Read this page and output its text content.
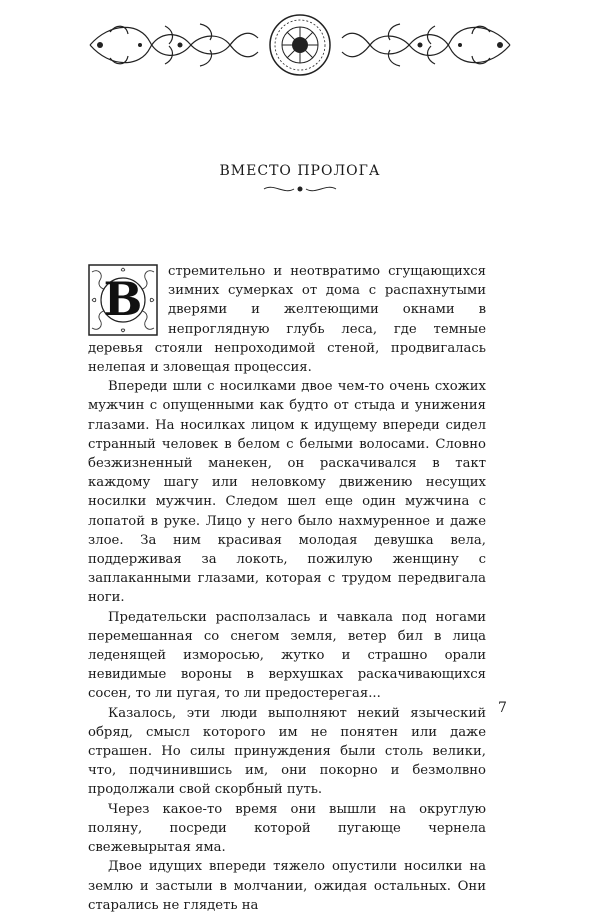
ВМЕСТО ПРОЛОГА

В
стремительно и неотвратимо сгущающихся зимних сумерках от дома с распахнутыми дверями и желтеющими окнами в непроглядную глубь леса, где темные деревья стояли непроходимой стеной, продвигалась нелепая и зловещая процессия.

Впереди шли с носилками двое чем-то очень схожих мужчин с опущенными как будто от стыда и унижения глазами. На носилках лицом к идущему впереди сидел странный человек в белом с белыми волосами. Словно безжизненный манекен, он раскачивался в такт каждому шагу или неловкому движению несущих носилки мужчин. Следом шел еще один мужчина с лопатой в руке. Лицо у него было нахмуренное и даже злое. За ним красивая молодая девушка вела, поддерживая за локоть, пожилую женщину с заплаканными глазами, которая с трудом передвигала ноги.

Предательски расползалась и чавкала под ногами перемешанная со снегом земля, ветер бил в лица леденящей изморосью, жутко и страшно орали невидимые вороны в верхушках раскачивающихся сосен, то ли пугая, то ли предостерегая...

Казалось, эти люди выполняют некий языческий обряд, смысл которого им не понятен или даже страшен. Но силы принуждения были столь велики, что, подчинившись им, они покорно и безмолвно продолжали свой скорбный путь.

Через какое-то время они вышли на округлую поляну, посреди которой пугающе чернела свежевырытая яма.

Двое идущих впереди тяжело опустили носилки на землю и застыли в молчании, ожидая остальных. Они старались не глядеть на

7
